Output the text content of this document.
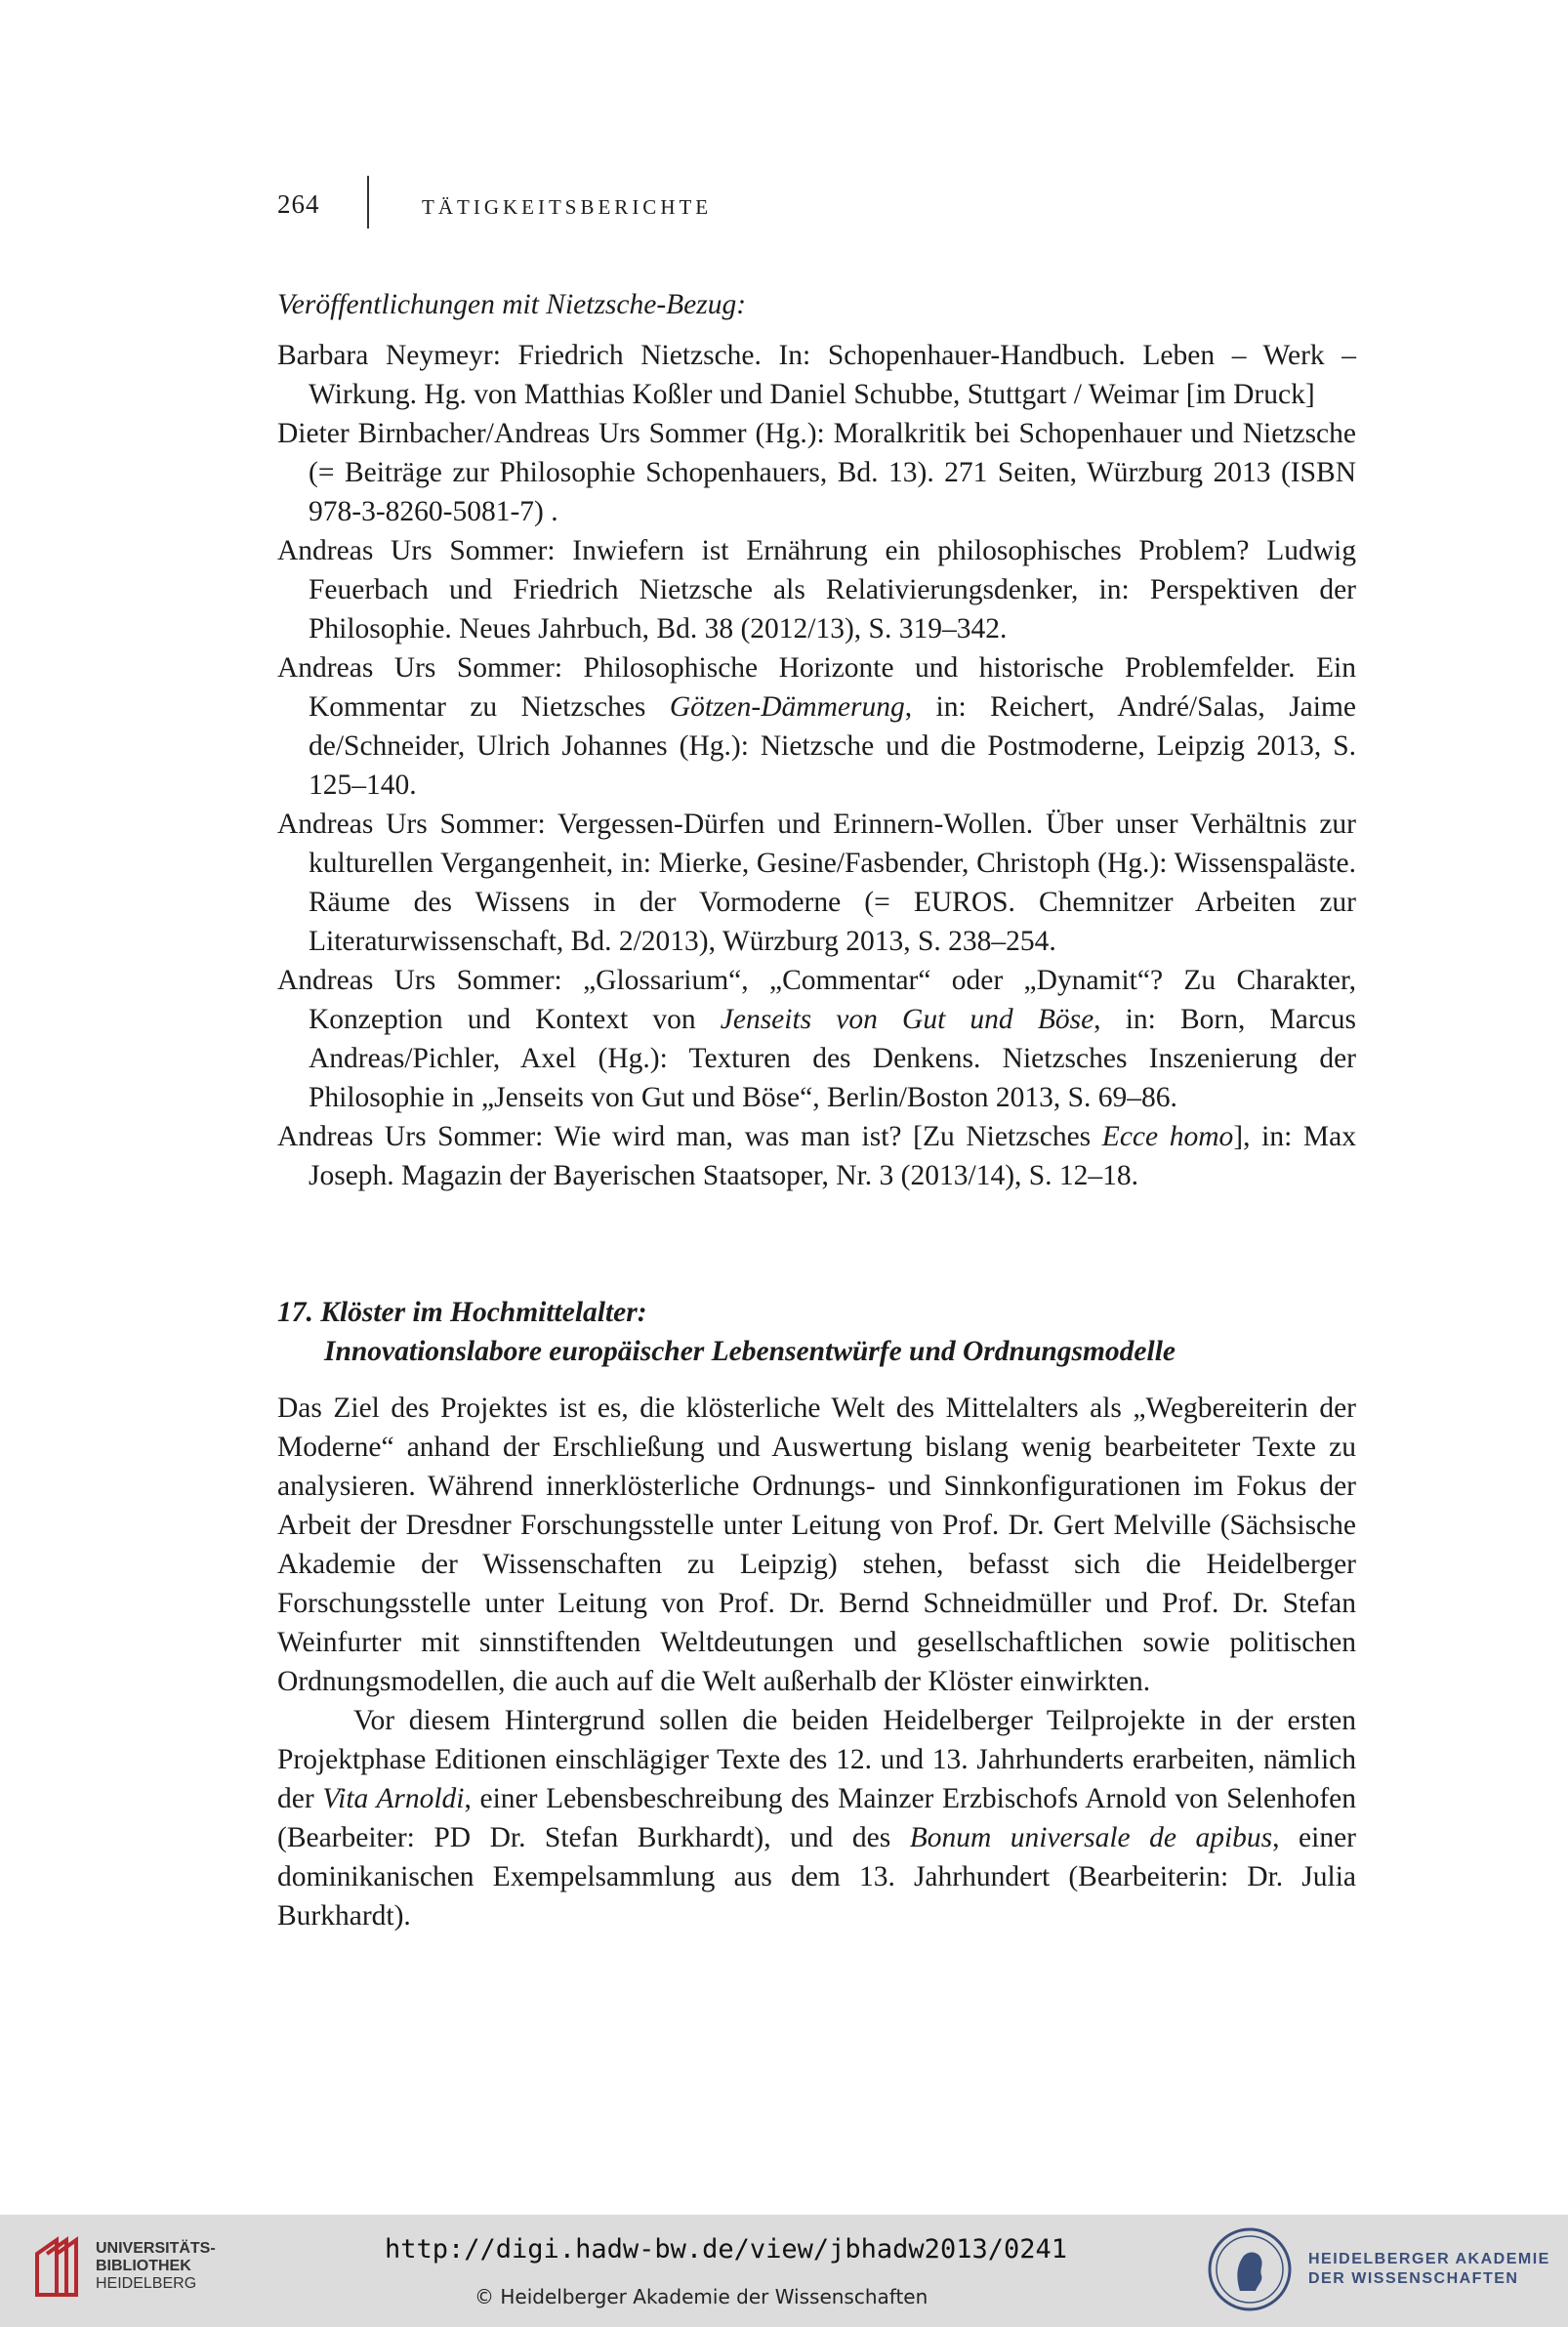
264	TÄTIGKEITSBERICHTE

Veröffentlichungen mit Nietzsche-Bezug:

Barbara Neymeyr: Friedrich Nietzsche. In: Schopenhauer-Handbuch. Leben – Werk – Wirkung. Hg. von Matthias Koßler und Daniel Schubbe, Stuttgart / Weimar [im Druck]

Dieter Birnbacher/Andreas Urs Sommer (Hg.): Moralkritik bei Schopenhauer und Nietzsche (= Beiträge zur Philosophie Schopenhauers, Bd. 13). 271 Seiten, Würzburg 2013 (ISBN 978-3-8260-5081-7) .

Andreas Urs Sommer: Inwiefern ist Ernährung ein philosophisches Problem? Ludwig Feuerbach und Friedrich Nietzsche als Relativierungsdenker, in: Perspektiven der Philosophie. Neues Jahrbuch, Bd. 38 (2012/13), S. 319–342.

Andreas Urs Sommer: Philosophische Horizonte und historische Problemfelder. Ein Kommentar zu Nietzsches Götzen-Dämmerung, in: Reichert, André/Salas, Jaime de/Schneider, Ulrich Johannes (Hg.): Nietzsche und die Postmoderne, Leipzig 2013, S. 125–140.

Andreas Urs Sommer: Vergessen-Dürfen und Erinnern-Wollen. Über unser Verhältnis zur kulturellen Vergangenheit, in: Mierke, Gesine/Fasbender, Christoph (Hg.): Wissenspaläste. Räume des Wissens in der Vormoderne (= EUROS. Chemnitzer Arbeiten zur Literaturwissenschaft, Bd. 2/2013), Würzburg 2013, S. 238–254.

Andreas Urs Sommer: „Glossarium“, „Commentar“ oder „Dynamit“? Zu Charakter, Konzeption und Kontext von Jenseits von Gut und Böse, in: Born, Marcus Andreas/Pichler, Axel (Hg.): Texturen des Denkens. Nietzsches Inszenierung der Philosophie in „Jenseits von Gut und Böse“, Berlin/Boston 2013, S. 69–86.

Andreas Urs Sommer: Wie wird man, was man ist? [Zu Nietzsches Ecce homo], in: Max Joseph. Magazin der Bayerischen Staatsoper, Nr. 3 (2013/14), S. 12–18.

17. Klöster im Hochmittelalter:

Innovationslabore europäischer Lebensentwürfe und Ordnungsmodelle

Das Ziel des Projektes ist es, die klösterliche Welt des Mittelalters als „Wegbereiterin der Moderne“ anhand der Erschließung und Auswertung bislang wenig bearbeiteter Texte zu analysieren. Während innerklösterliche Ordnungs- und Sinnkonfigurationen im Fokus der Arbeit der Dresdner Forschungsstelle unter Leitung von Prof. Dr. Gert Melville (Sächsische Akademie der Wissenschaften zu Leipzig) stehen, befasst sich die Heidelberger Forschungsstelle unter Leitung von Prof. Dr. Bernd Schneidmüller und Prof. Dr. Stefan Weinfurter mit sinnstiftenden Weltdeutungen und gesellschaftlichen sowie politischen Ordnungsmodellen, die auch auf die Welt außerhalb der Klöster einwirkten.

Vor diesem Hintergrund sollen die beiden Heidelberger Teilprojekte in der ersten Projektphase Editionen einschlägiger Texte des 12. und 13. Jahrhunderts erarbeiten, nämlich der Vita Arnoldi, einer Lebensbeschreibung des Mainzer Erzbischofs Arnold von Selenhofen (Bearbeiter: PD Dr. Stefan Burkhardt), und des Bonum universale de apibus, einer dominikanischen Exempelsammlung aus dem 13. Jahrhundert (Bearbeiterin: Dr. Julia Burkhardt).

UNIVERSITÄTS-
BIBLIOTHEK
HEIDELBERG
http://digi.hadw-bw.de/view/jbhadw2013/0241
© Heidelberger Akademie der Wissenschaften
HEIDELBERGER AKADEMIE
DER WISSENSCHAFTEN
